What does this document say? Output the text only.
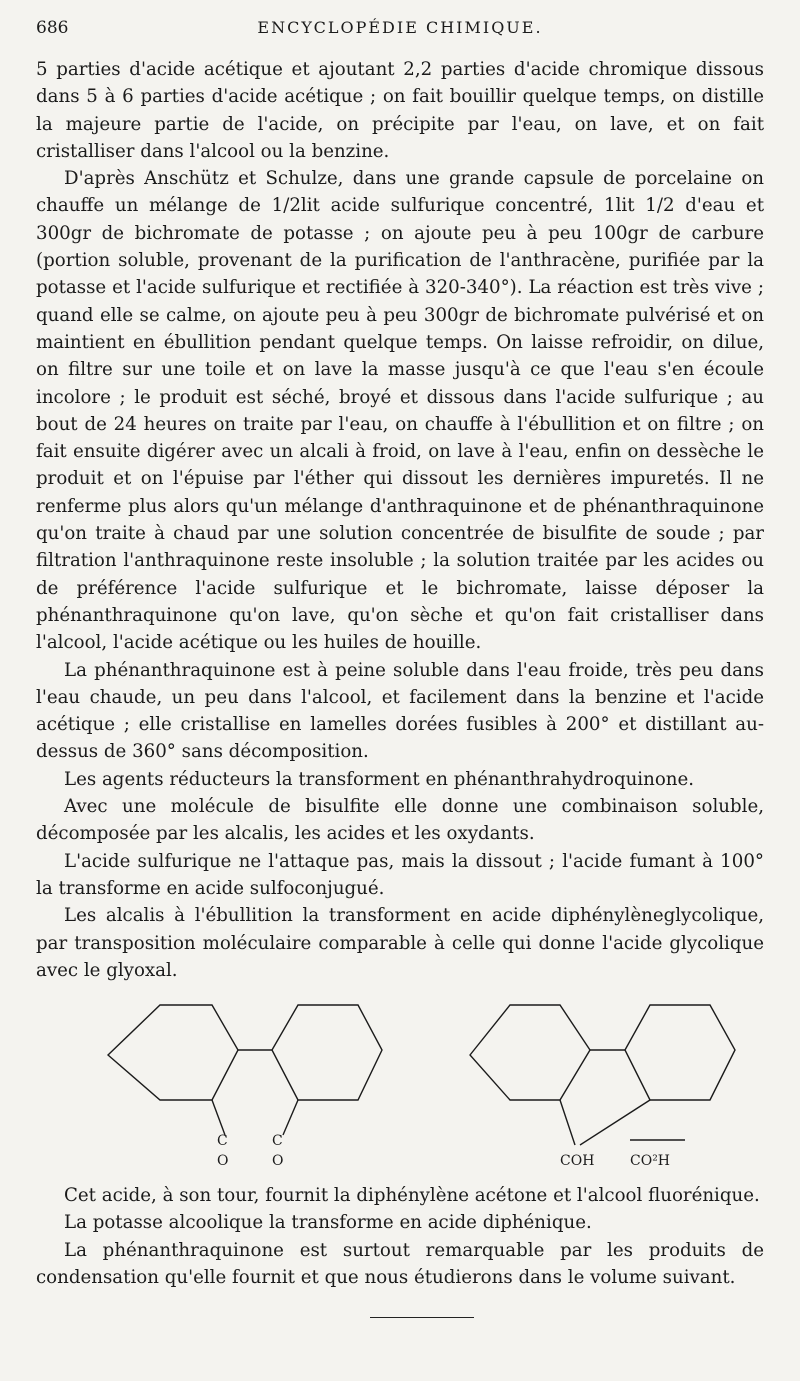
686	ENCYCLOPÉDIE CHIMIQUE.

5 parties d'acide acétique et ajoutant 2,2 parties d'acide chromique dissous dans 5 à 6 parties d'acide acétique ; on fait bouillir quelque temps, on distille la majeure partie de l'acide, on précipite par l'eau, on lave, et on fait cristalliser dans l'alcool ou la benzine.

D'après Anschütz et Schulze, dans une grande capsule de porcelaine on chauffe un mélange de 1/2lit acide sulfurique concentré, 1lit 1/2 d'eau et 300gr de bichromate de potasse ; on ajoute peu à peu 100gr de carbure (portion soluble, provenant de la purification de l'anthracène, purifiée par la potasse et l'acide sulfurique et rectifiée à 320-340°). La réaction est très vive ; quand elle se calme, on ajoute peu à peu 300gr de bichromate pulvérisé et on maintient en ébullition pendant quelque temps. On laisse refroidir, on dilue, on filtre sur une toile et on lave la masse jusqu'à ce que l'eau s'en écoule incolore ; le produit est séché, broyé et dissous dans l'acide sulfurique ; au bout de 24 heures on traite par l'eau, on chauffe à l'ébullition et on filtre ; on fait ensuite digérer avec un alcali à froid, on lave à l'eau, enfin on dessèche le produit et on l'épuise par l'éther qui dissout les dernières impuretés. Il ne renferme plus alors qu'un mélange d'anthraquinone et de phénanthraquinone qu'on traite à chaud par une solution concentrée de bisulfite de soude ; par filtration l'anthraquinone reste insoluble ; la solution traitée par les acides ou de préférence l'acide sulfurique et le bichromate, laisse déposer la phénanthraquinone qu'on lave, qu'on sèche et qu'on fait cristalliser dans l'alcool, l'acide acétique ou les huiles de houille.

La phénanthraquinone est à peine soluble dans l'eau froide, très peu dans l'eau chaude, un peu dans l'alcool, et facilement dans la benzine et l'acide acétique ; elle cristallise en lamelles dorées fusibles à 200° et distillant au-dessus de 360° sans décomposition.

Les agents réducteurs la transforment en phénanthrahydroquinone.

Avec une molécule de bisulfite elle donne une combinaison soluble, décomposée par les alcalis, les acides et les oxydants.

L'acide sulfurique ne l'attaque pas, mais la dissout ; l'acide fumant à 100° la transforme en acide sulfoconjugué.

Les alcalis à l'ébullition la transforment en acide diphénylèneglycolique, par transposition moléculaire comparable à celle qui donne l'acide glycolique avec le glyoxal.

C	C
O	O	COH	CO²H

Cet acide, à son tour, fournit la diphénylène acétone et l'alcool fluorénique.

La potasse alcoolique la transforme en acide diphénique.

La phénanthraquinone est surtout remarquable par les produits de condensation qu'elle fournit et que nous étudierons dans le volume suivant.
